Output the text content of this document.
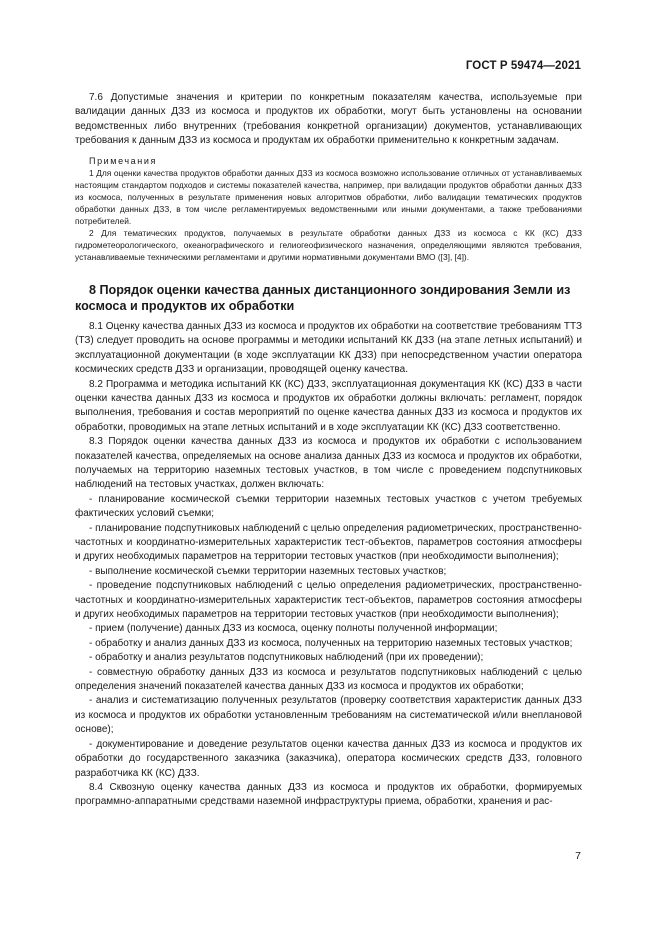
ГОСТ Р 59474—2021

7.6 Допустимые значения и критерии по конкретным показателям качества, используемые при валидации данных ДЗЗ из космоса и продуктов их обработки, могут быть установлены на основании ведомственных либо внутренних (требования конкретной организации) документов, устанавливающих требования к данным ДЗЗ из космоса и продуктам их обработки применительно к конкретным задачам.

Примечания

1 Для оценки качества продуктов обработки данных ДЗЗ из космоса возможно использование отличных от устанавливаемых настоящим стандартом подходов и системы показателей качества, например, при валидации продуктов обработки данных ДЗЗ из космоса, полученных в результате применения новых алгоритмов обработки, либо валидации тематических продуктов обработки данных ДЗЗ, в том числе регламентируемых ведомственными или иными документами, а также требованиями потребителей.

2 Для тематических продуктов, получаемых в результате обработки данных ДЗЗ из космоса с КК (КС) ДЗЗ гидрометеорологического, океанографического и гелиогеофизического назначения, определяющими являются требования, устанавливаемые техническими регламентами и другими нормативными документами ВМО ([3], [4]).

8 Порядок оценки качества данных дистанционного зондирования Земли из космоса и продуктов их обработки

8.1 Оценку качества данных ДЗЗ из космоса и продуктов их обработки на соответствие требованиям ТТЗ (ТЗ) следует проводить на основе программы и методики испытаний КК ДЗЗ (на этапе летных испытаний) и эксплуатационной документации (в ходе эксплуатации КК ДЗЗ) при непосредственном участии оператора космических средств ДЗЗ и организации, проводящей оценку качества.

8.2 Программа и методика испытаний КК (КС) ДЗЗ, эксплуатационная документация КК (КС) ДЗЗ в части оценки качества данных ДЗЗ из космоса и продуктов их обработки должны включать: регламент, порядок выполнения, требования и состав мероприятий по оценке качества данных ДЗЗ из космоса и продуктов их обработки, проводимых на этапе летных испытаний и в ходе эксплуатации КК (КС) ДЗЗ соответственно.

8.3 Порядок оценки качества данных ДЗЗ из космоса и продуктов их обработки с использованием показателей качества, определяемых на основе анализа данных ДЗЗ из космоса и продуктов их обработки, получаемых на территорию наземных тестовых участков, в том числе с проведением подспутниковых наблюдений на тестовых участках, должен включать:

- планирование космической съемки территории наземных тестовых участков с учетом требуемых фактических условий съемки;

- планирование подспутниковых наблюдений с целью определения радиометрических, пространственно-частотных и координатно-измерительных характеристик тест-объектов, параметров состояния атмосферы и других необходимых параметров на территории тестовых участков (при необходимости выполнения);

- выполнение космической съемки территории наземных тестовых участков;

- проведение подспутниковых наблюдений с целью определения радиометрических, пространственно-частотных и координатно-измерительных характеристик тест-объектов, параметров состояния атмосферы и других необходимых параметров на территории тестовых участков (при необходимости выполнения);

- прием (получение) данных ДЗЗ из космоса, оценку полноты полученной информации;

- обработку и анализ данных ДЗЗ из космоса, полученных на территорию наземных тестовых участков;

- обработку и анализ результатов подспутниковых наблюдений (при их проведении);

- совместную обработку данных ДЗЗ из космоса и результатов подспутниковых наблюдений с целью определения значений показателей качества данных ДЗЗ из космоса и продуктов их обработки;

- анализ и систематизацию полученных результатов (проверку соответствия характеристик данных ДЗЗ из космоса и продуктов их обработки установленным требованиям на систематической и/или внеплановой основе);

- документирование и доведение результатов оценки качества данных ДЗЗ из космоса и продуктов их обработки до государственного заказчика (заказчика), оператора космических средств ДЗЗ, головного разработчика КК (КС) ДЗЗ.

8.4 Сквозную оценку качества данных ДЗЗ из космоса и продуктов их обработки, формируемых программно-аппаратными средствами наземной инфраструктуры приема, обработки, хранения и рас-

7
